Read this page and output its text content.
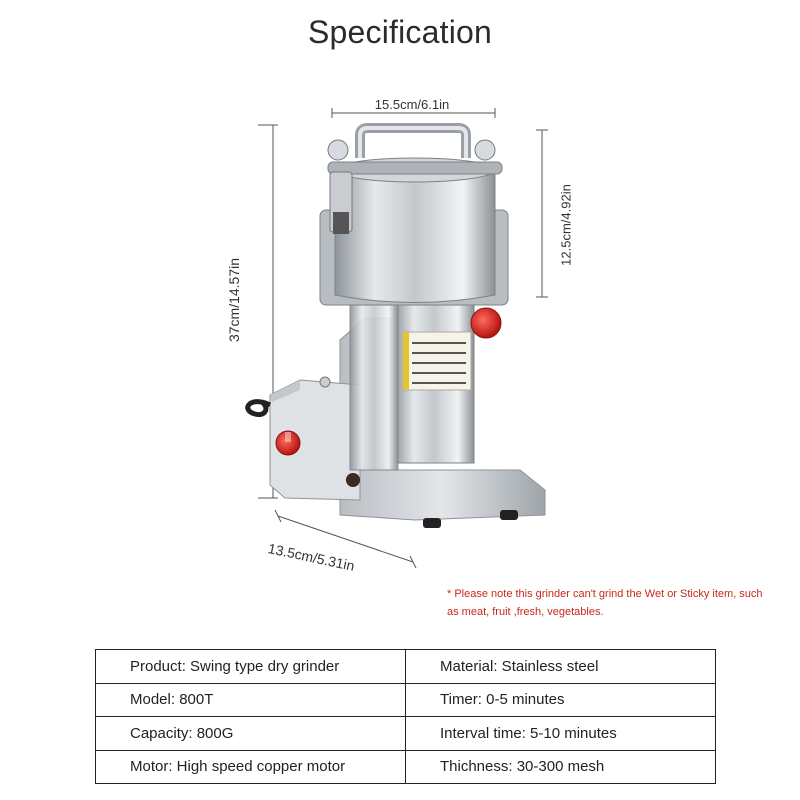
Specification
15.5cm/6.1in
12.5cm/4.92in
37cm/14.57in
13.5cm/5.31in
* Please note this grinder can't grind the Wet or Sticky item, such as meat, fruit ,fresh, vegetables.
Product: Swing type dry grinder	Material: Stainless steel
Model: 800T	Timer: 0-5 minutes
Capacity: 800G	Interval time: 5-10 minutes
Motor: High speed copper motor	Thichness: 30-300 mesh
